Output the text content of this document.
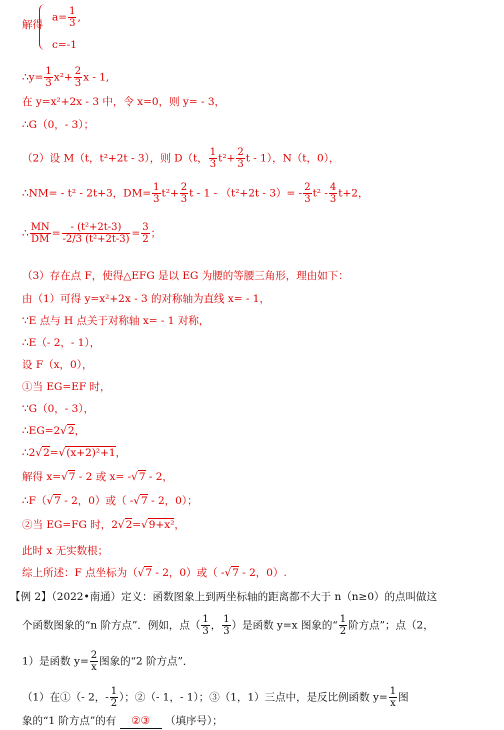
解得
$a= \frac{1}{3}$ ,
c=-1
∴y= $\frac{1}{3} x^2+ \frac{2}{3}$ x - 1,
在 y=x²+2x - 3 中，令 x=0，则 y= - 3，
∴G（0，- 3）；
（2）设 M（t，t²+2t - 3），则 D（t， $\frac{1}{3} t^2+ \frac{2}{3}$ t - 1），N（t，0），
∴NM= - t² - 2t+3，$DM= \frac{1}{3} t^2+ \frac{2}{3}$ $t - 1 - (t^2+2t - 3)= - \frac{2}{3} t^2 - \frac{4}{3} t+2$，
∴ $\frac{MN}{DM} = \frac{\text{- (t²+2t-3)}}{\text{-2/3 (t²+2t-3)}} = \frac{3}{2}$ ；
（3）存在点 F，使得△EFG 是以 EG 为腰的等腰三角形，理由如下：
由（1）可得 y=x²+2x - 3 的对称轴为直线 x= - 1，
∵E 点与 H 点关于对称轴 x= - 1 对称，
∴E（- 2，- 1），
设 F（x，0），
①当 EG=EF 时，
∵G（0，- 3），
∴EG=2√2，
∴2√2=√(x+2)²+1，
解得 x=√7 - 2 或 x= -√7 - 2，
∴F（√7 - 2，0）或（ -√7 - 2，0）；
②当 EG=FG 时，2√2=√9+x²，
此时 x 无实数根；
综上所述：F 点坐标为（√7 - 2，0）或（ -√7 - 2，0）.
【例 2】（2022•南通）定义：函数图象上到两坐标轴的距离都不大于 n（n≥0）的点叫做这
个函数图象的“n 阶方点”．例如，点（ $\frac{1}{3}$ ， $\frac{1}{3}$ ）是函数 y=x 图象的“ $\frac{1}{2}$ 阶方点”；点（2，
1）是函数 $y= \frac{2}{x}$ 图象的“2 阶方点”．
（1）在①（- 2，- $\frac{1}{2}$ ）；②（- 1，- 1）；③（1，1）三点中，是反比例函数 $y= \frac{1}{x}$ 图
象的“1 阶方点”的有 ②③ （填序号）；
